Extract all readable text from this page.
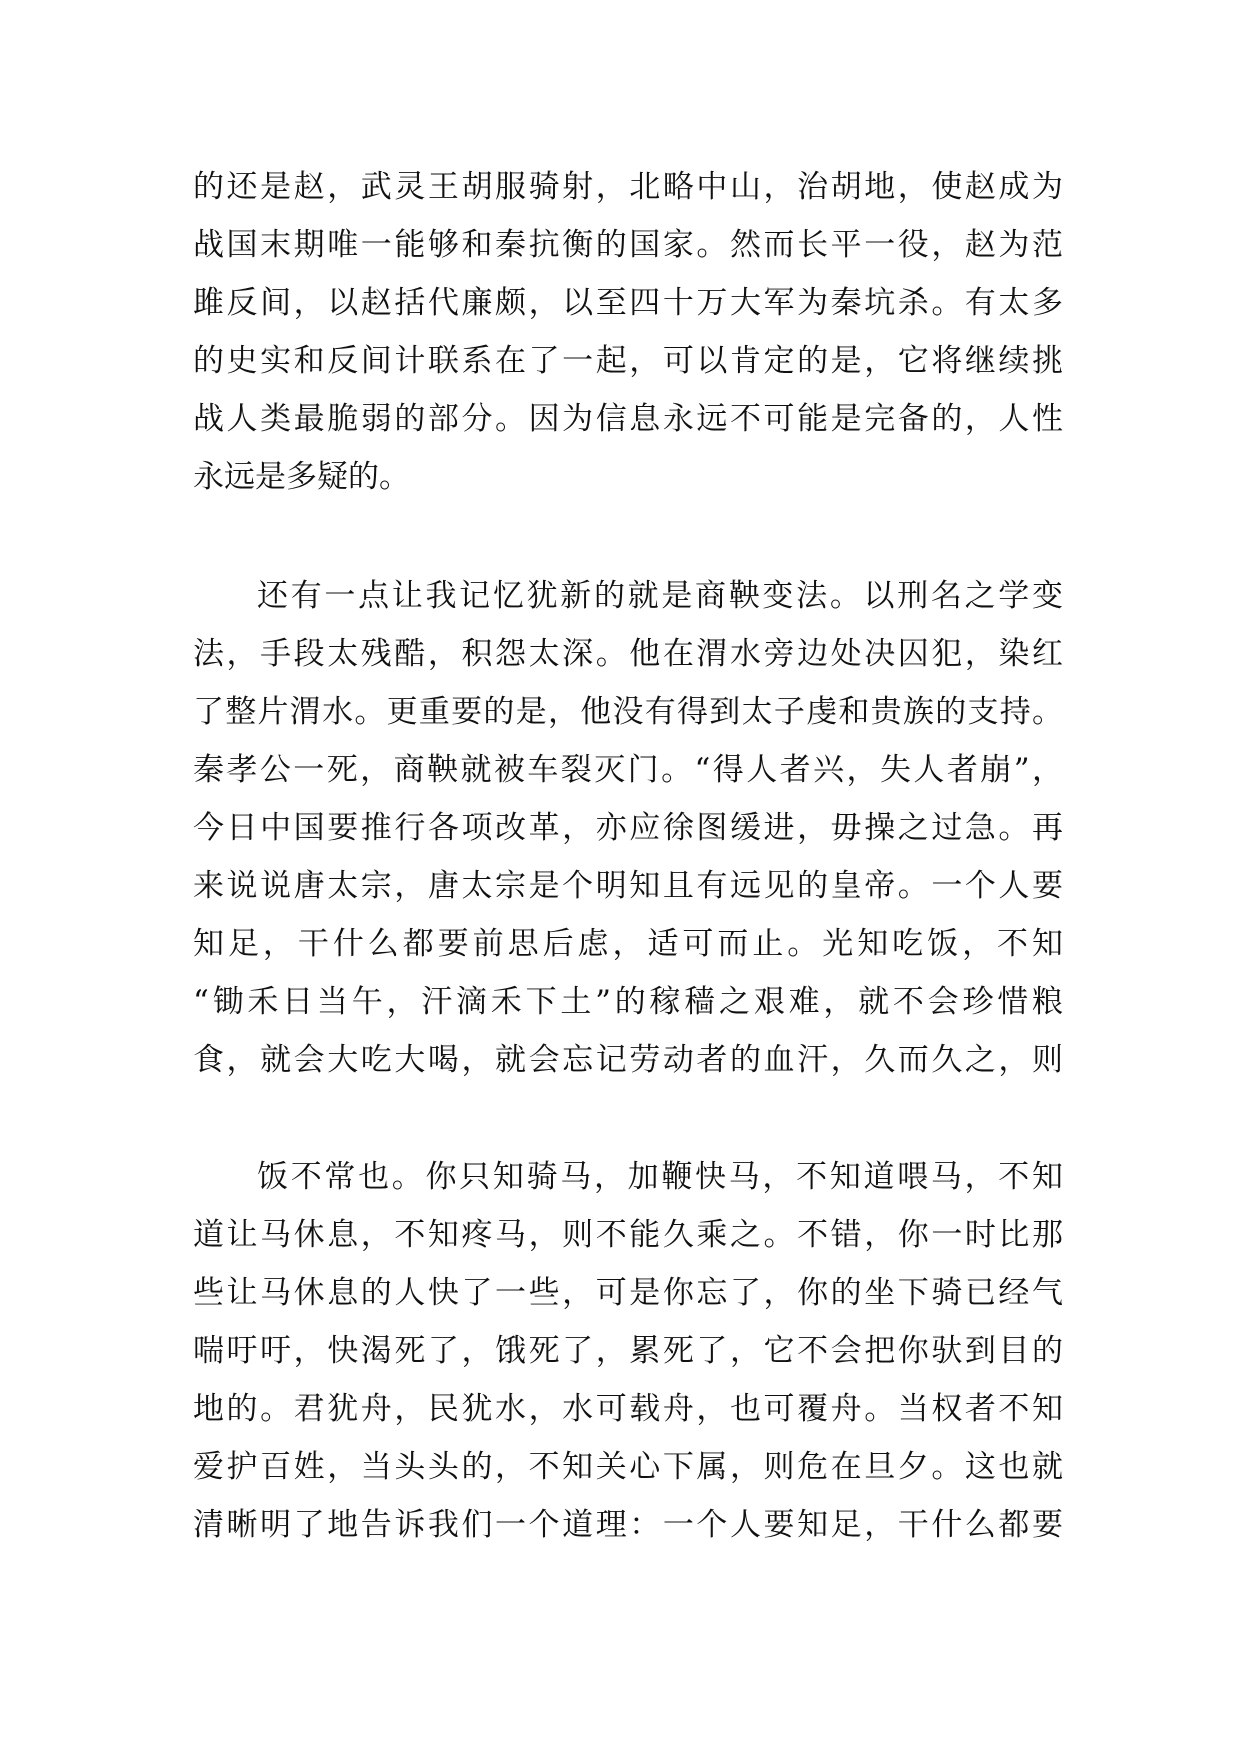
的还是赵，武灵王胡服骑射，北略中山，治胡地，使赵成为
战国末期唯一能够和秦抗衡的国家。然而长平一役，赵为范
雎反间，以赵括代廉颇，以至四十万大军为秦坑杀。有太多
的史实和反间计联系在了一起，可以肯定的是，它将继续挑
战人类最脆弱的部分。因为信息永远不可能是完备的，人性
永远是多疑的。
还有一点让我记忆犹新的就是商鞅变法。以刑名之学变
法，手段太残酷，积怨太深。他在渭水旁边处决囚犯，染红
了整片渭水。更重要的是，他没有得到太子虔和贵族的支持。
秦孝公一死，商鞅就被车裂灭门。“得人者兴，失人者崩”，
今日中国要推行各项改革，亦应徐图缓进，毋操之过急。再
来说说唐太宗，唐太宗是个明知且有远见的皇帝。一个人要
知足，干什么都要前思后虑，适可而止。光知吃饭，不知
“锄禾日当午，汗滴禾下土”的稼穑之艰难，就不会珍惜粮
食，就会大吃大喝，就会忘记劳动者的血汗，久而久之，则
饭不常也。你只知骑马，加鞭快马，不知道喂马，不知
道让马休息，不知疼马，则不能久乘之。不错，你一时比那
些让马休息的人快了一些，可是你忘了，你的坐下骑已经气
喘吁吁，快渴死了，饿死了，累死了，它不会把你驮到目的
地的。君犹舟，民犹水，水可载舟，也可覆舟。当权者不知
爱护百姓，当头头的，不知关心下属，则危在旦夕。这也就
清晰明了地告诉我们一个道理：一个人要知足，干什么都要
